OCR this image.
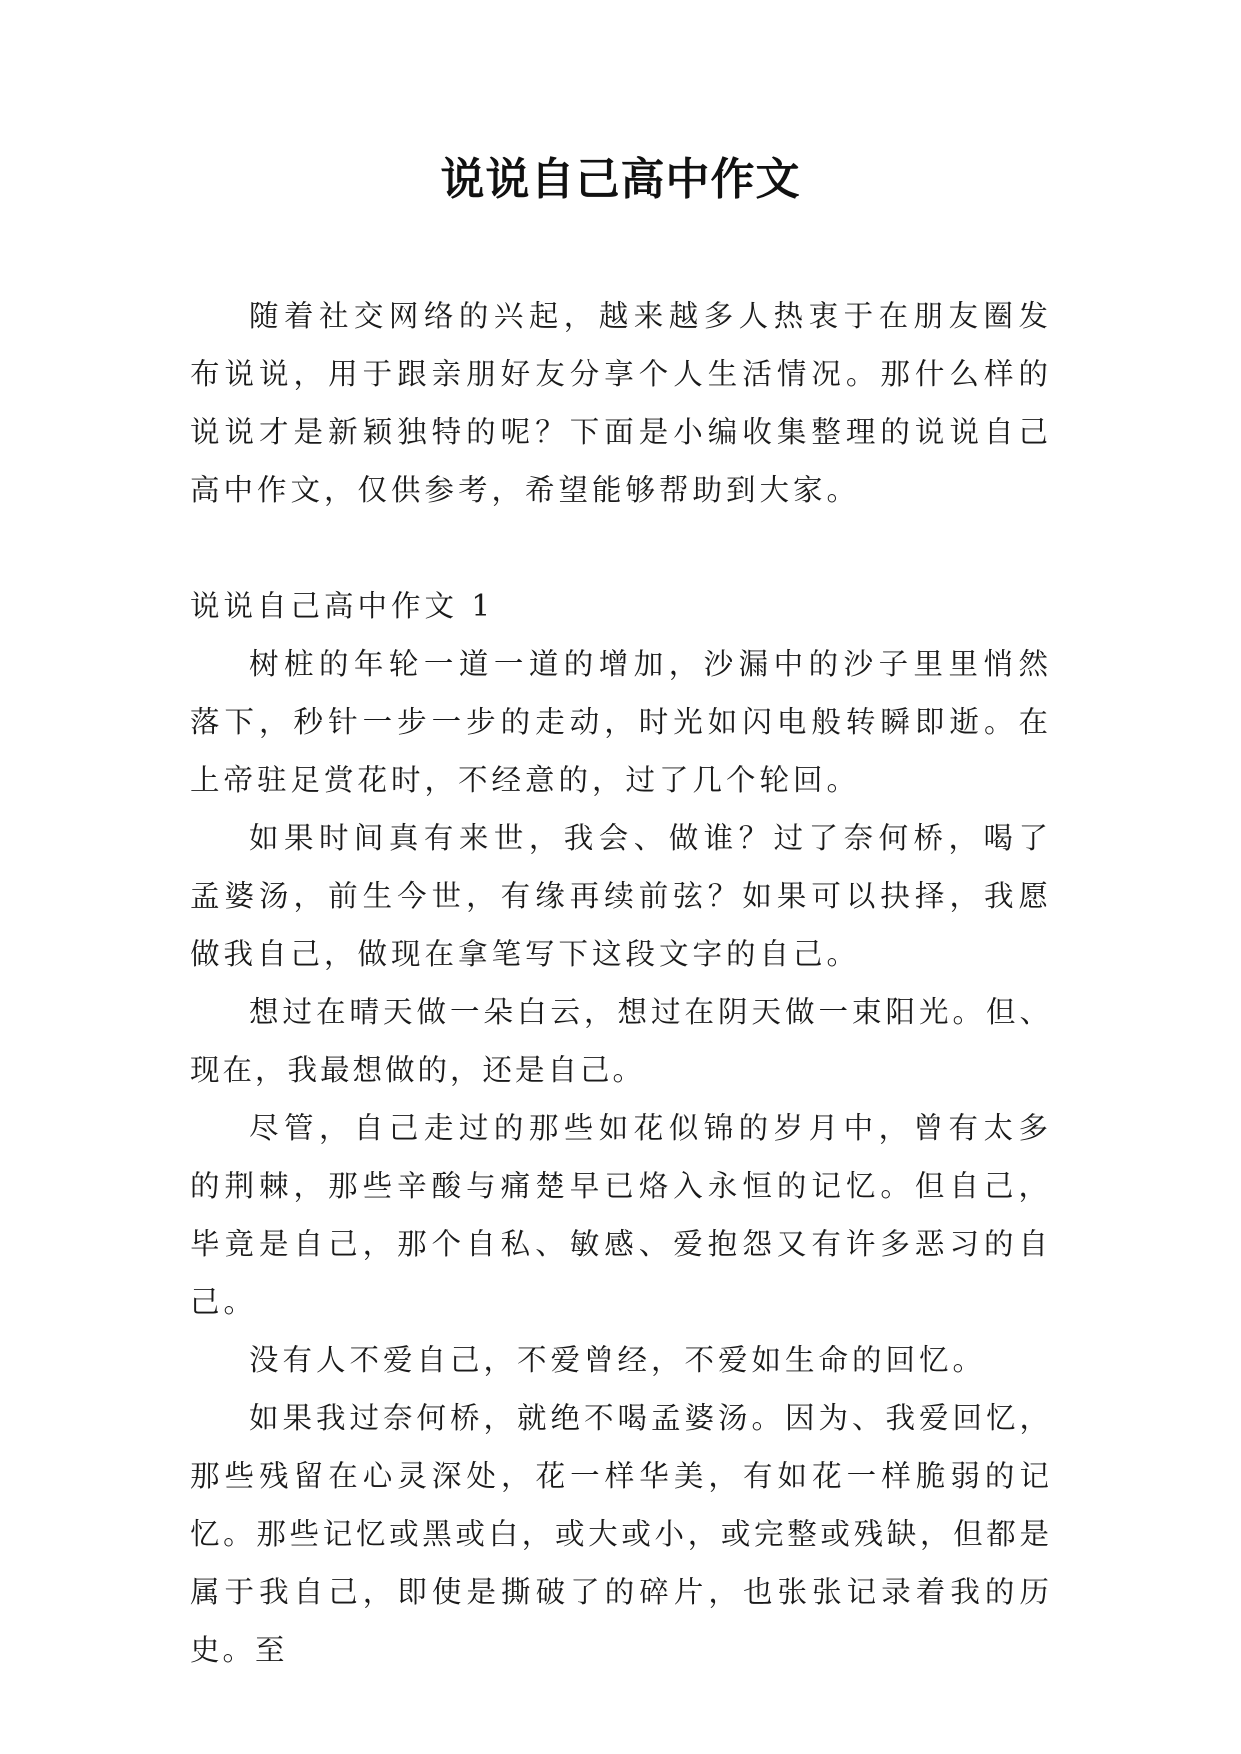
说说自己高中作文

随着社交网络的兴起，越来越多人热衷于在朋友圈发布说说，用于跟亲朋好友分享个人生活情况。那什么样的说说才是新颖独特的呢？下面是小编收集整理的说说自己高中作文，仅供参考，希望能够帮助到大家。

说说自己高中作文 1

树桩的年轮一道一道的增加，沙漏中的沙子里里悄然落下，秒针一步一步的走动，时光如闪电般转瞬即逝。在上帝驻足赏花时，不经意的，过了几个轮回。

如果时间真有来世，我会、做谁？过了奈何桥，喝了孟婆汤，前生今世，有缘再续前弦？如果可以抉择，我愿做我自己，做现在拿笔写下这段文字的自己。

想过在晴天做一朵白云，想过在阴天做一束阳光。但、现在，我最想做的，还是自己。

尽管，自己走过的那些如花似锦的岁月中，曾有太多的荆棘，那些辛酸与痛楚早已烙入永恒的记忆。但自己，毕竟是自己，那个自私、敏感、爱抱怨又有许多恶习的自己。

没有人不爱自己，不爱曾经，不爱如生命的回忆。

如果我过奈何桥，就绝不喝孟婆汤。因为、我爱回忆，那些残留在心灵深处，花一样华美，有如花一样脆弱的记忆。那些记忆或黑或白，或大或小，或完整或残缺，但都是属于我自己，即使是撕破了的碎片，也张张记录着我的历史。至
